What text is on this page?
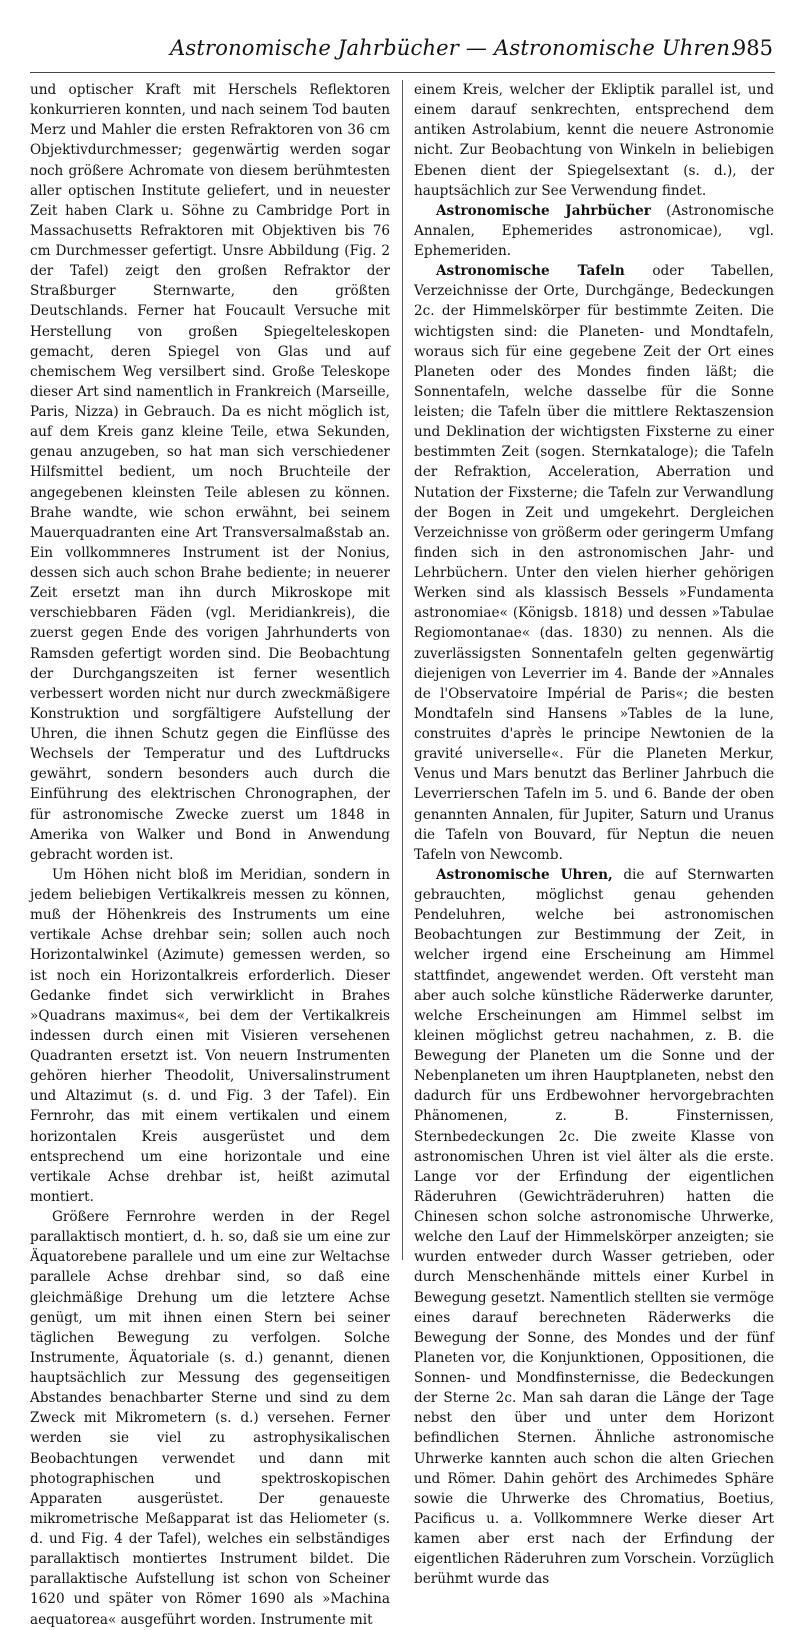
Astronomische Jahrbücher — Astronomische Uhren.
985

und optischer Kraft mit Herschels Reflektoren konkurrieren konnten, und nach seinem Tod bauten Merz und Mahler die ersten Refraktoren von 36 cm Objektivdurchmesser; gegenwärtig werden sogar noch größere Achromate von diesem berühmtesten aller optischen Institute geliefert, und in neuester Zeit haben Clark u. Söhne zu Cambridge Port in Massachusetts Refraktoren mit Objektiven bis 76 cm Durchmesser gefertigt. Unsre Abbildung (Fig. 2 der Tafel) zeigt den großen Refraktor der Straßburger Sternwarte, den größten Deutschlands. Ferner hat Foucault Versuche mit Herstellung von großen Spiegelteleskopen gemacht, deren Spiegel von Glas und auf chemischem Weg versilbert sind. Große Teleskope dieser Art sind namentlich in Frankreich (Marseille, Paris, Nizza) in Gebrauch. Da es nicht möglich ist, auf dem Kreis ganz kleine Teile, etwa Sekunden, genau anzugeben, so hat man sich verschiedener Hilfsmittel bedient, um noch Bruchteile der angegebenen kleinsten Teile ablesen zu können. Brahe wandte, wie schon erwähnt, bei seinem Mauerquadranten eine Art Transversalmaßstab an. Ein vollkommneres Instrument ist der Nonius, dessen sich auch schon Brahe bediente; in neuerer Zeit ersetzt man ihn durch Mikroskope mit verschiebbaren Fäden (vgl. Meridiankreis), die zuerst gegen Ende des vorigen Jahrhunderts von Ramsden gefertigt worden sind. Die Beobachtung der Durchgangszeiten ist ferner wesentlich verbessert worden nicht nur durch zweckmäßigere Konstruktion und sorgfältigere Aufstellung der Uhren, die ihnen Schutz gegen die Einflüsse des Wechsels der Temperatur und des Luftdrucks gewährt, sondern besonders auch durch die Einführung des elektrischen Chronographen, der für astronomische Zwecke zuerst um 1848 in Amerika von Walker und Bond in Anwendung gebracht worden ist.

Um Höhen nicht bloß im Meridian, sondern in jedem beliebigen Vertikalkreis messen zu können, muß der Höhenkreis des Instruments um eine vertikale Achse drehbar sein; sollen auch noch Horizontalwinkel (Azimute) gemessen werden, so ist noch ein Horizontalkreis erforderlich. Dieser Gedanke findet sich verwirklicht in Brahes »Quadrans maximus«, bei dem der Vertikalkreis indessen durch einen mit Visieren versehenen Quadranten ersetzt ist. Von neuern Instrumenten gehören hierher Theodolit, Universalinstrument und Altazimut (s. d. und Fig. 3 der Tafel). Ein Fernrohr, das mit einem vertikalen und einem horizontalen Kreis ausgerüstet und dem entsprechend um eine horizontale und eine vertikale Achse drehbar ist, heißt azimutal montiert.

Größere Fernrohre werden in der Regel parallaktisch montiert, d. h. so, daß sie um eine zur Äquatorebene parallele und um eine zur Weltachse parallele Achse drehbar sind, so daß eine gleichmäßige Drehung um die letztere Achse genügt, um mit ihnen einen Stern bei seiner täglichen Bewegung zu verfolgen. Solche Instrumente, Äquatoriale (s. d.) genannt, dienen hauptsächlich zur Messung des gegenseitigen Abstandes benachbarter Sterne und sind zu dem Zweck mit Mikrometern (s. d.) versehen. Ferner werden sie viel zu astrophysikalischen Beobachtungen verwendet und dann mit photographischen und spektroskopischen Apparaten ausgerüstet. Der genaueste mikrometrische Meßapparat ist das Heliometer (s. d. und Fig. 4 der Tafel), welches ein selbständiges parallaktisch montiertes Instrument bildet. Die parallaktische Aufstellung ist schon von Scheiner 1620 und später von Römer 1690 als »Machina aequatorea« ausgeführt worden. Instrumente mit

einem Kreis, welcher der Ekliptik parallel ist, und einem darauf senkrechten, entsprechend dem antiken Astrolabium, kennt die neuere Astronomie nicht. Zur Beobachtung von Winkeln in beliebigen Ebenen dient der Spiegelsextant (s. d.), der hauptsächlich zur See Verwendung findet.

Astronomische Jahrbücher (Astronomische Annalen, Ephemerides astronomicae), vgl. Ephemeriden.

Astronomische Tafeln oder Tabellen, Verzeichnisse der Orte, Durchgänge, Bedeckungen 2c. der Himmelskörper für bestimmte Zeiten. Die wichtigsten sind: die Planeten- und Mondtafeln, woraus sich für eine gegebene Zeit der Ort eines Planeten oder des Mondes finden läßt; die Sonnentafeln, welche dasselbe für die Sonne leisten; die Tafeln über die mittlere Rektaszension und Deklination der wichtigsten Fixsterne zu einer bestimmten Zeit (sogen. Sternkataloge); die Tafeln der Refraktion, Acceleration, Aberration und Nutation der Fixsterne; die Tafeln zur Verwandlung der Bogen in Zeit und umgekehrt. Dergleichen Verzeichnisse von größerm oder geringerm Umfang finden sich in den astronomischen Jahr- und Lehrbüchern. Unter den vielen hierher gehörigen Werken sind als klassisch Bessels »Fundamenta astronomiae« (Königsb. 1818) und dessen »Tabulae Regiomontanae« (das. 1830) zu nennen. Als die zuverlässigsten Sonnentafeln gelten gegenwärtig diejenigen von Leverrier im 4. Bande der »Annales de l'Observatoire Impérial de Paris«; die besten Mondtafeln sind Hansens »Tables de la lune, construites d'après le principe Newtonien de la gravité universelle«. Für die Planeten Merkur, Venus und Mars benutzt das Berliner Jahrbuch die Leverrierschen Tafeln im 5. und 6. Bande der oben genannten Annalen, für Jupiter, Saturn und Uranus die Tafeln von Bouvard, für Neptun die neuen Tafeln von Newcomb.

Astronomische Uhren, die auf Sternwarten gebrauchten, möglichst genau gehenden Pendeluhren, welche bei astronomischen Beobachtungen zur Bestimmung der Zeit, in welcher irgend eine Erscheinung am Himmel stattfindet, angewendet werden. Oft versteht man aber auch solche künstliche Räderwerke darunter, welche Erscheinungen am Himmel selbst im kleinen möglichst getreu nachahmen, z. B. die Bewegung der Planeten um die Sonne und der Nebenplaneten um ihren Hauptplaneten, nebst den dadurch für uns Erdbewohner hervorgebrachten Phänomenen, z. B. Finsternissen, Sternbedeckungen 2c. Die zweite Klasse von astronomischen Uhren ist viel älter als die erste. Lange vor der Erfindung der eigentlichen Räderuhren (Gewichträderuhren) hatten die Chinesen schon solche astronomische Uhrwerke, welche den Lauf der Himmelskörper anzeigten; sie wurden entweder durch Wasser getrieben, oder durch Menschenhände mittels einer Kurbel in Bewegung gesetzt. Namentlich stellten sie vermöge eines darauf berechneten Räderwerks die Bewegung der Sonne, des Mondes und der fünf Planeten vor, die Konjunktionen, Oppositionen, die Sonnen- und Mondfinsternisse, die Bedeckungen der Sterne 2c. Man sah daran die Länge der Tage nebst den über und unter dem Horizont befindlichen Sternen. Ähnliche astronomische Uhrwerke kannten auch schon die alten Griechen und Römer. Dahin gehört des Archimedes Sphäre sowie die Uhrwerke des Chromatius, Boetius, Pacificus u. a. Vollkommnere Werke dieser Art kamen aber erst nach der Erfindung der eigentlichen Räderuhren zum Vorschein. Vorzüglich berühmt wurde das
